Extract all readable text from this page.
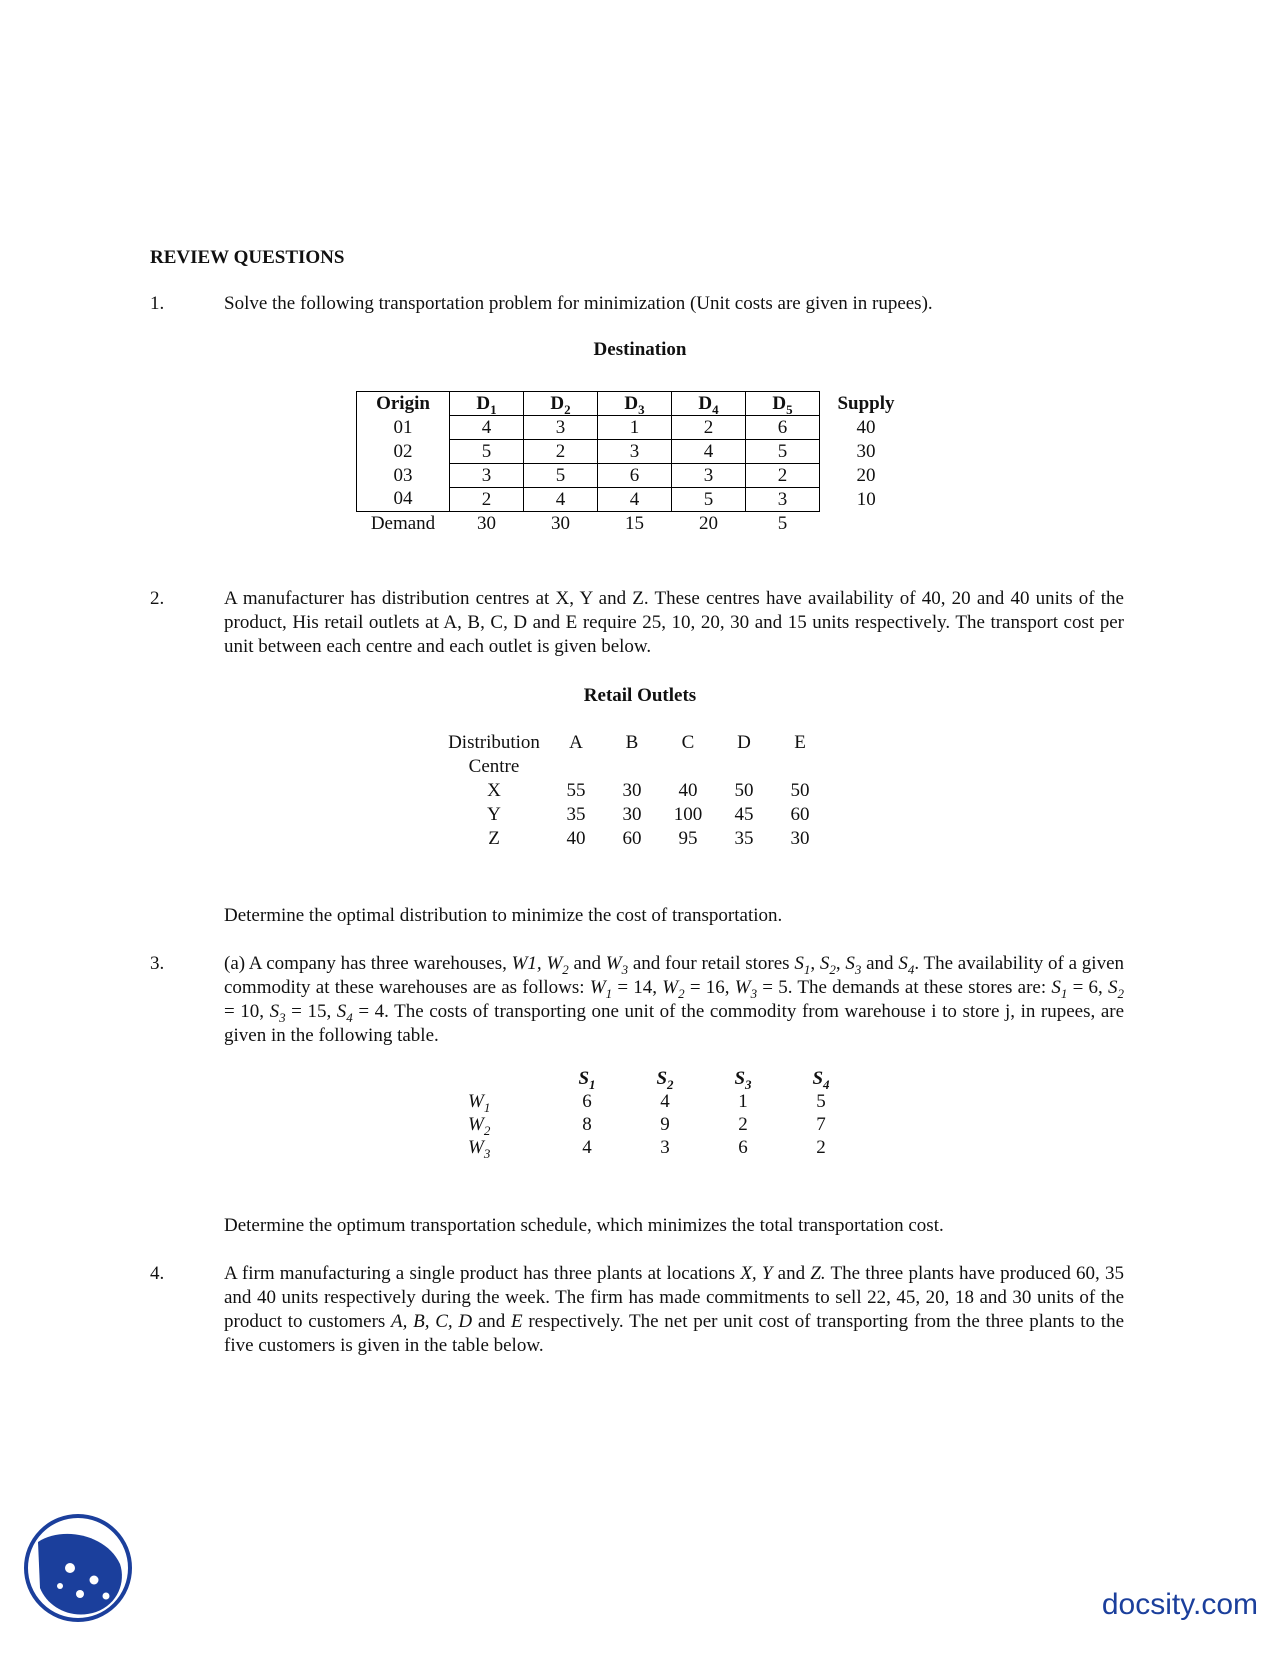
REVIEW QUESTIONS
1.	Solve the following transportation problem for minimization (Unit costs are given in rupees).
Destination
Origin	$D_1$	$D_2$	$D_3$	$D_4$	$D_5$	Supply
01	4	3	1	2	6	40
02	5	2	3	4	5	30
03	3	5	6	3	2	20
04	2	4	4	5	3	10
Demand	30	30	15	20	5	
2.	A manufacturer has distribution centres at X, Y and Z. These centres have availability of 40, 20 and 40 units of the product, His retail outlets at A, B, C, D and E require 25, 10, 20, 30 and 15 units respectively. The transport cost per unit between each centre and each outlet is given below.
Retail Outlets
Distribution
Centre	A	B	C	D	E
X	55	30	40	50	50
Y	35	30	100	45	60
Z	40	60	95	35	30
Determine the optimal distribution to minimize the cost of transportation.
3.	(a) A company has three warehouses, W1, $W_2$ and $W_3$ and four retail stores $S_1$, $S_2$, $S_3$ and $S_4$. The availability of a given commodity at these warehouses are as follows: $W_1 = 14$, $W_2 = 16$, $W_3 = 5$. The demands at these stores are: $S_1 = 6$, $S_2 = 10$, $S_3 = 15$, $S_4 = 4$. The costs of transporting one unit of the commodity from warehouse i to store j, in rupees, are given in the following table.
	$S_1$	$S_2$	$S_3$	$S_4$
$W_1$	6	4	1	5
$W_2$	8	9	2	7
$W_3$	4	3	6	2
Determine the optimum transportation schedule, which minimizes the total transportation cost.
4.	A firm manufacturing a single product has three plants at locations X, Y and Z. The three plants have produced 60, 35 and 40 units respectively during the week. The firm has made commitments to sell 22, 45, 20, 18 and 30 units of the product to customers A, B, C, D and E respectively. The net per unit cost of transporting from the three plants to the five customers is given in the table below.
docsity.com
